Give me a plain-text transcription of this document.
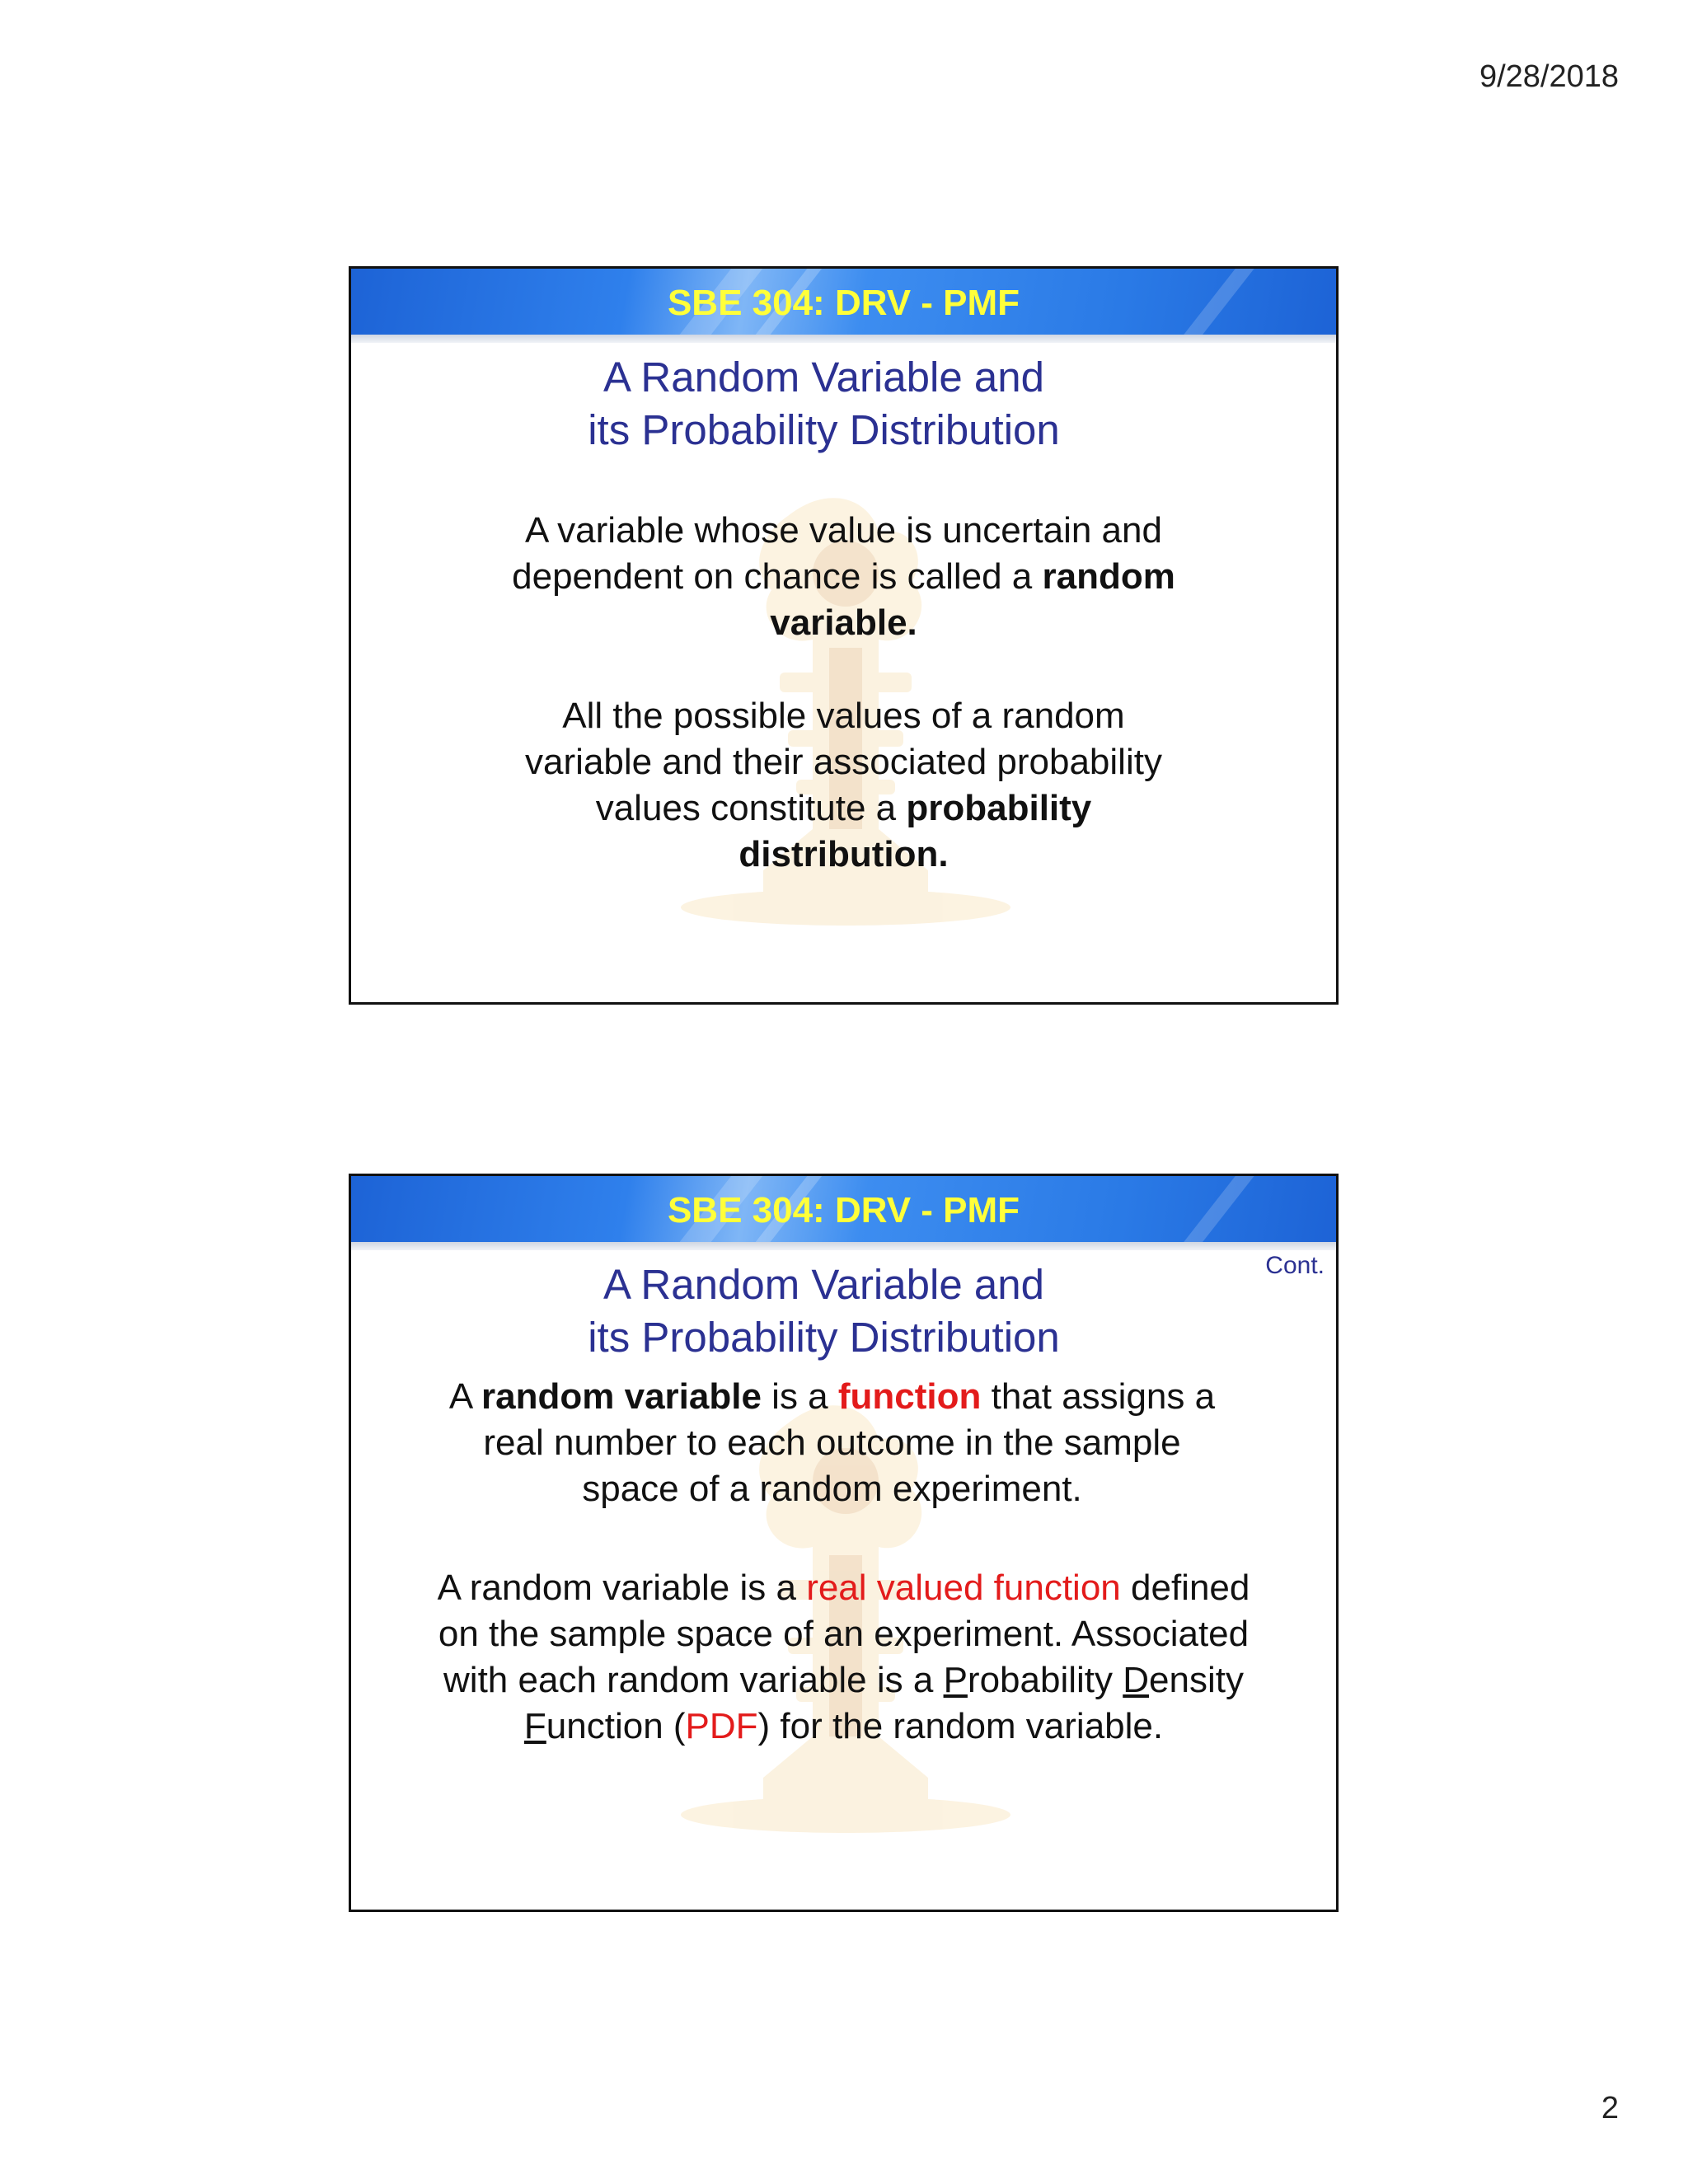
9/28/2018
SBE 304: DRV - PMF
A Random Variable and
its Probability Distribution
A variable whose value is uncertain and
dependent on chance is called a random
variable.
All the possible values of a random
variable and their associated probability
values constitute a probability
distribution.
SBE 304: DRV - PMF
Cont.
A Random Variable and
its Probability Distribution
A random variable is a function that assigns a
real number to each outcome in the sample
space of a random experiment.
A random variable is a real valued function defined
on the sample space of an experiment. Associated
with each random variable is a Probability Density
Function (PDF) for the random variable.
2
